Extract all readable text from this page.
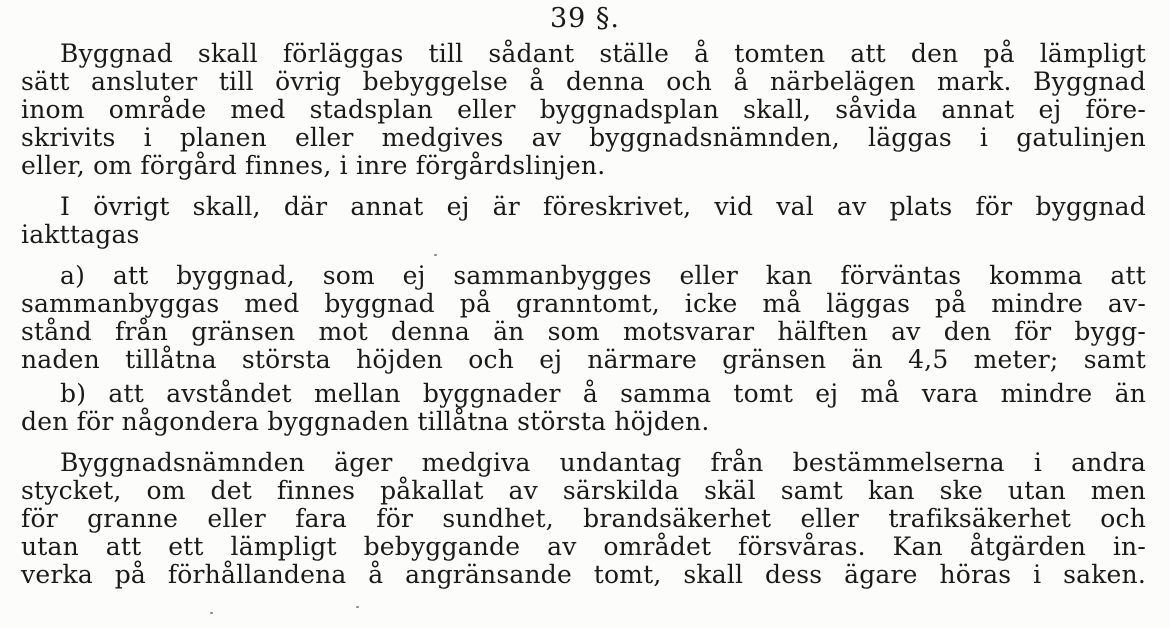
39 §.
Byggnad skall förläggas till sådant ställe å tomten att den på lämpligt
sätt ansluter till övrig bebyggelse å denna och å närbelägen mark. Byggnad
inom område med stadsplan eller byggnadsplan skall, såvida annat ej före-
skrivits i planen eller medgives av byggnadsnämnden, läggas i gatulinjen
eller, om förgård finnes, i inre förgårdslinjen.
I övrigt skall, där annat ej är föreskrivet, vid val av plats för byggnad
iakttagas
a) att byggnad, som ej sammanbygges eller kan förväntas komma att
sammanbyggas med byggnad på granntomt, icke må läggas på mindre av-
stånd från gränsen mot denna än som motsvarar hälften av den för bygg-
naden tillåtna största höjden och ej närmare gränsen än 4,5 meter; samt
b) att avståndet mellan byggnader å samma tomt ej må vara mindre än
den för någondera byggnaden tillåtna största höjden.
Byggnadsnämnden äger medgiva undantag från bestämmelserna i andra
stycket, om det finnes påkallat av särskilda skäl samt kan ske utan men
för granne eller fara för sundhet, brandsäkerhet eller trafiksäkerhet och
utan att ett lämpligt bebyggande av området försvåras. Kan åtgärden in-
verka på förhållandena å angränsande tomt, skall dess ägare höras i saken.
